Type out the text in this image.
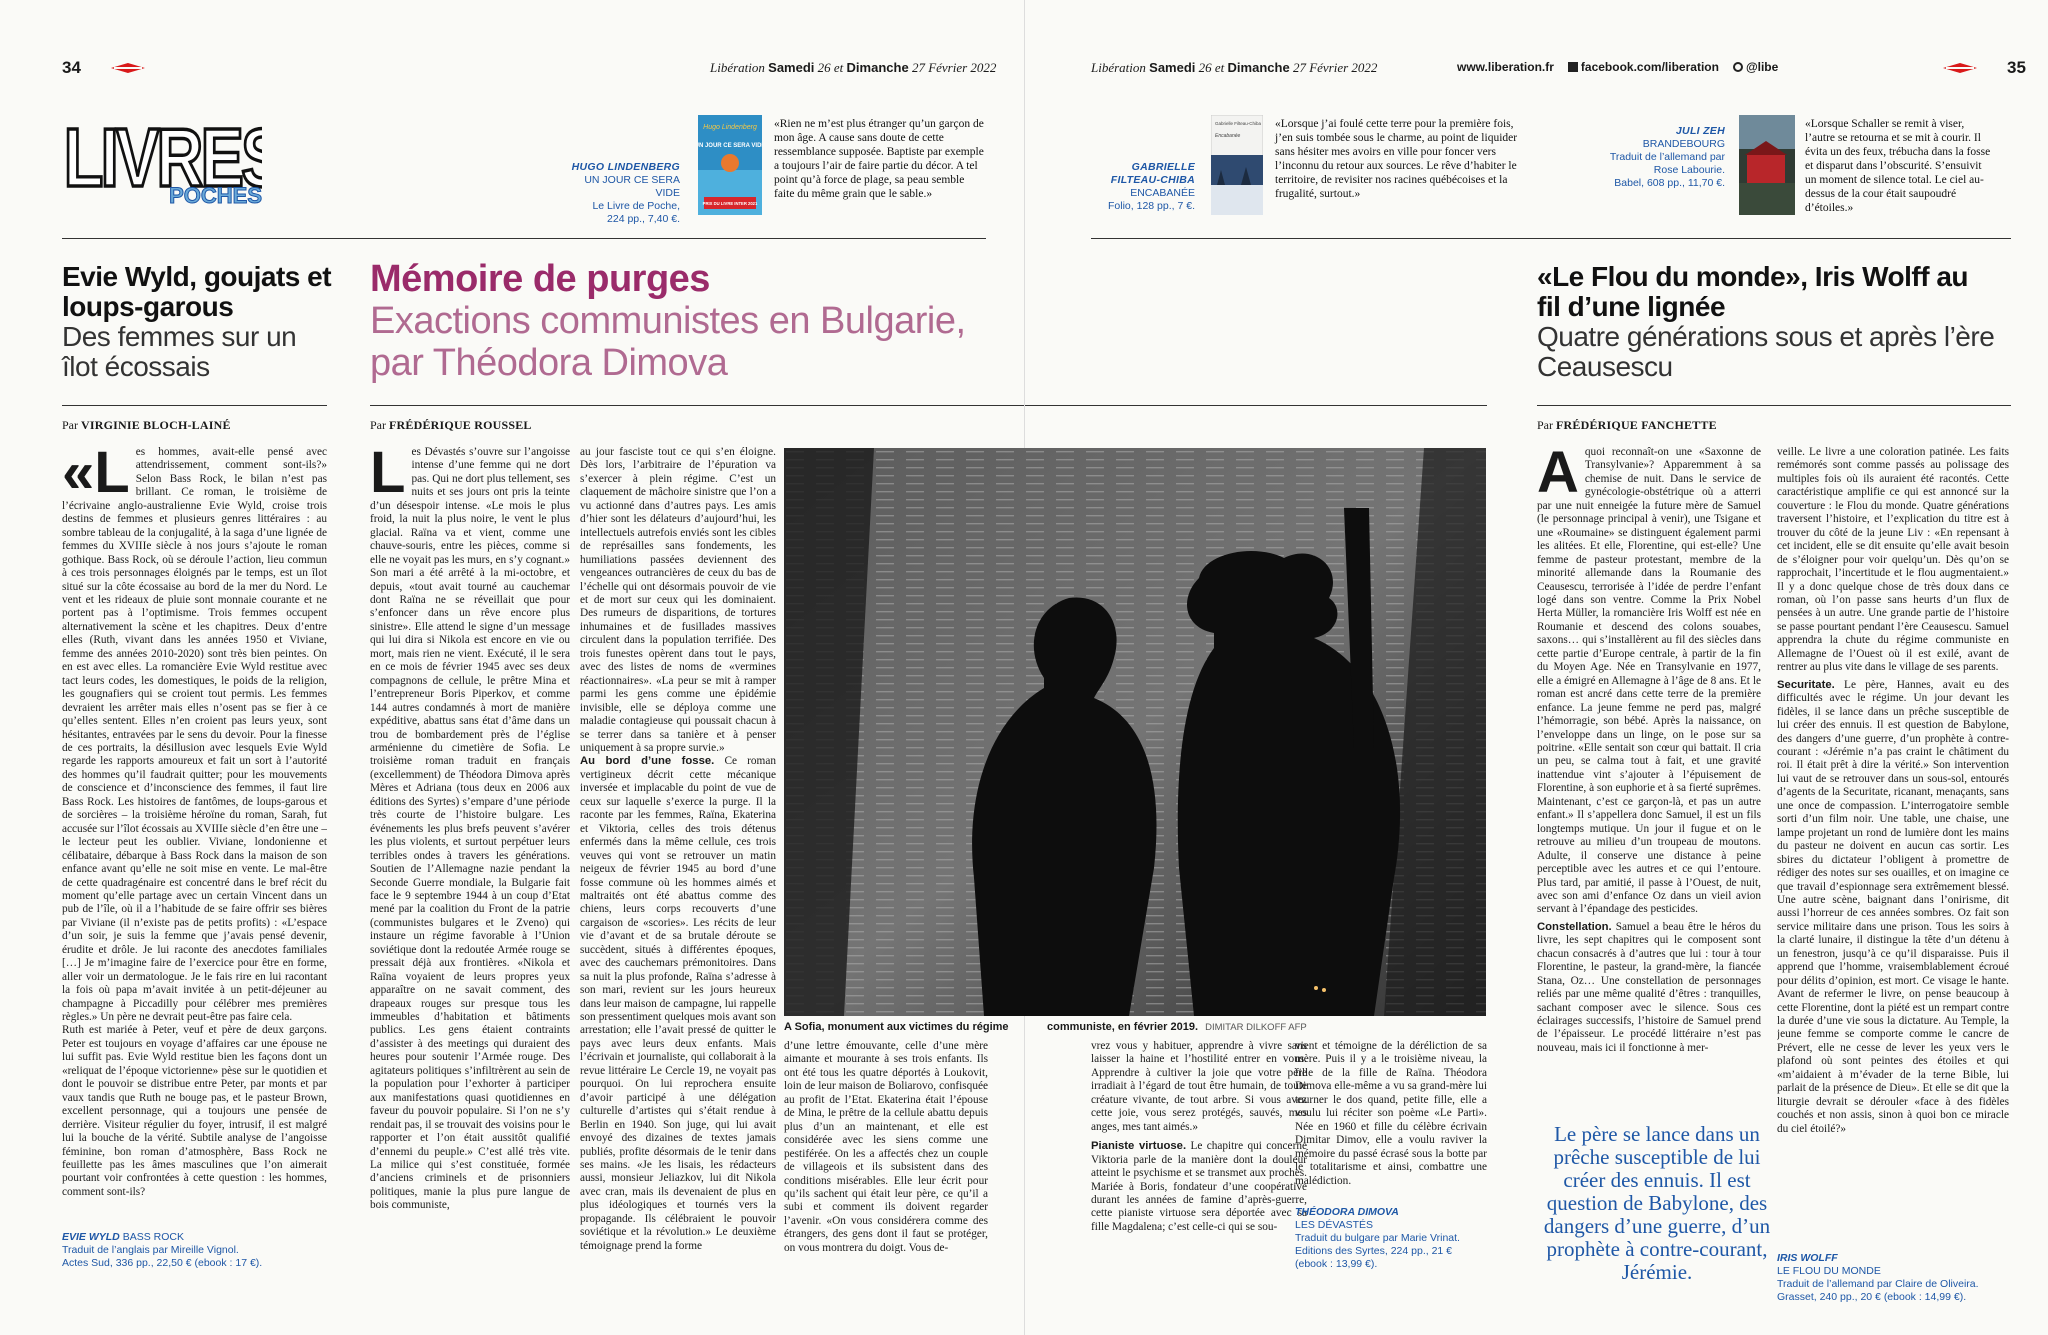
34	Libération Samedi 26 et Dimanche 27 Février 2022
LIVRE
POCHES
HUGO LINDENBERG
UN JOUR CE SERA VIDE
Le Livre de Poche,
224 pp., 7,40 €.
Hugo Lindenberg
UN JOUR CE SERA VIDE
PRIX DU LIVRE INTER 2021
«Rien ne m’est plus étranger qu’un garçon de mon âge. A cause sans doute de cette ressemblance supposée. Baptiste par exemple a toujours l’air de faire partie du décor. A tel point qu’à force de plage, sa peau semble faite du même grain que le sable.»
Evie Wyld, goujats et loups-garous
Des femmes sur un îlot écossais
Par VIRGINIE BLOCH-LAINÉ
«L es hommes, avait-elle pensé avec attendrissement, comment sont-ils?» Selon Bass Rock, le bilan n’est pas brillant. Ce roman, le troisième de l’écrivaine anglo-australienne Evie Wyld, croise trois destins de femmes et plusieurs genres littéraires : au sombre tableau de la conjugalité, à la saga d’une lignée de femmes du XVIIIe siècle à nos jours s’ajoute le roman gothique. Bass Rock, où se déroule l’action, lieu commun à ces trois personnages éloignés par le temps, est un îlot situé sur la côte écossaise au bord de la mer du Nord. Le vent et les rideaux de pluie sont monnaie courante et ne portent pas à l’optimisme. Trois femmes occupent alternativement la scène et les chapitres. Deux d’entre elles (Ruth, vivant dans les années 1950 et Viviane, femme des années 2010-2020) sont très bien peintes. On en est avec elles. La romancière Evie Wyld restitue avec tact leurs codes, les domestiques, le poids de la religion, les gougnafiers qui se croient tout permis. Les femmes devraient les arrêter mais elles n’osent pas se fier à ce qu’elles sentent. Elles n’en croient pas leurs yeux, sont hésitantes, entravées par le sens du devoir. Pour la finesse de ces portraits, la désillusion avec lesquels Evie Wyld regarde les rapports amoureux et fait un sort à l’autorité des hommes qu’il faudrait quitter; pour les mouvements de conscience et d’inconscience des femmes, il faut lire Bass Rock. Les histoires de fantômes, de loups-garous et de sorcières – la troisième héroïne du roman, Sarah, fut accusée sur l’îlot écossais au XVIIIe siècle d’en être une – le lecteur peut les oublier. Viviane, londonienne et célibataire, débarque à Bass Rock dans la maison de son enfance avant qu’elle ne soit mise en vente. Le mal-être de cette quadragénaire est concentré dans le bref récit du moment qu’elle partage avec un certain Vincent dans un pub de l’île, où il a l’habitude de se faire offrir ses bières par Viviane (il n’existe pas de petits profits) : «L’espace d’un soir, je suis la femme que j’avais pensé devenir, érudite et drôle. Je lui raconte des anecdotes familiales […] Je m’imagine faire de l’exercice pour être en forme, aller voir un dermatologue. Je le fais rire en lui racontant la fois où papa m’avait invitée à un petit-déjeuner au champagne à Piccadilly pour célébrer mes premières règles.» Un père ne devrait peut-être pas faire cela.

Ruth est mariée à Peter, veuf et père de deux garçons. Peter est toujours en voyage d’affaires car une épouse ne lui suffit pas. Evie Wyld restitue bien les façons dont un «reliquat de l’époque victorienne» pèse sur le quotidien et dont le pouvoir se distribue entre Peter, par monts et par vaux tandis que Ruth ne bouge pas, et le pasteur Brown, excellent personnage, qui a toujours une pensée de derrière. Visiteur régulier du foyer, intrusif, il est malgré lui la bouche de la vérité. Subtile analyse de l’angoisse féminine, bon roman d’atmosphère, Bass Rock ne feuillette pas les âmes masculines que l’on aimerait pourtant voir confrontées à cette question : les hommes, comment sont-ils?

EVIE WYLD BASS ROCK
Traduit de l’anglais par Mireille Vignol.
Actes Sud, 336 pp., 22,50 € (ebook : 17 €).
Mémoire de purges
Exactions communistes en Bulgarie, par Théodora Dimova
Par FRÉDÉRIQUE ROUSSEL
L es Dévastés s’ouvre sur l’angoisse intense d’une femme qui ne dort pas. Qui ne dort plus tellement, ses nuits et ses jours ont pris la teinte d’un désespoir intense. «Le mois le plus froid, la nuit la plus noire, le vent le plus glacial. Raïna va et vient, comme une chauve-souris, entre les pièces, comme si elle ne voyait pas les murs, en s’y cognant.» Son mari a été arrêté à la mi-octobre, et depuis, «tout avait tourné au cauchemar dont Raïna ne se réveillait que pour s’enfoncer dans un rêve encore plus sinistre». Elle attend le signe d’un message qui lui dira si Nikola est encore en vie ou mort, mais rien ne vient. Exécuté, il le sera en ce mois de février 1945 avec ses deux compagnons de cellule, le prêtre Mina et l’entrepreneur Boris Piperkov, et comme 144 autres condamnés à mort de manière expéditive, abattus sans état d’âme dans un trou de bombardement près de l’église arménienne du cimetière de Sofia. Le troisième roman traduit en français (excellemment) de Théodora Dimova après Mères et Adriana (tous deux en 2006 aux éditions des Syrtes) s’empare d’une période très courte de l’histoire bulgare. Les événements les plus brefs peuvent s’avérer les plus violents, et surtout perpétuer leurs terribles ondes à travers les générations. Soutien de l’Allemagne nazie pendant la Seconde Guerre mondiale, la Bulgarie fait face le 9 septembre 1944 à un coup d’Etat mené par la coalition du Front de la patrie (communistes bulgares et le Zveno) qui instaure un régime favorable à l’Union soviétique dont la redoutée Armée rouge se pressait déjà aux frontières. «Nikola et Raïna voyaient de leurs propres yeux apparaître on ne savait comment, des drapeaux rouges sur presque tous les immeubles d’habitation et bâtiments publics. Les gens étaient contraints d’assister à des meetings qui duraient des heures pour soutenir l’Armée rouge. Des agitateurs politiques s’infiltrèrent au sein de la population pour l’exhorter à participer aux manifestations quasi quotidiennes en faveur du pouvoir populaire. Si l’on ne s’y rendait pas, il se trouvait des voisins pour le rapporter et l’on était aussitôt qualifié d’ennemi du peuple.» C’est allé très vite. La milice qui s’est constituée, formée d’anciens criminels et de prisonniers politiques, manie la plus pure langue de bois communiste,

au jour fasciste tout ce qui s’en éloigne. Dès lors, l’arbitraire de l’épuration va s’exercer à plein régime. C’est un claquement de mâchoire sinistre que l’on a vu actionné dans d’autres pays. Les amis d’hier sont les délateurs d’aujourd’hui, les intellectuels autrefois enviés sont les cibles de représailles sans fondements, les humiliations passées deviennent des vengeances outrancières de ceux du bas de l’échelle qui ont désormais pouvoir de vie et de mort sur ceux qui les dominaient. Des rumeurs de disparitions, de tortures inhumaines et de fusillades massives circulent dans la population terrifiée. Des trois funestes opèrent dans tout le pays, avec des listes de noms de «vermines réactionnaires». «La peur se mit à ramper parmi les gens comme une épidémie invisible, elle se déploya comme une maladie contagieuse qui poussait chacun à se terrer dans sa tanière et à penser uniquement à sa propre survie.»

Au bord d’une fosse. Ce roman vertigineux décrit cette mécanique inversée et implacable du point de vue de ceux sur laquelle s’exerce la purge. Il la raconte par les femmes, Raïna, Ekaterina et Viktoria, celles des trois détenus enfermés dans la même cellule, ces trois veuves qui vont se retrouver un matin neigeux de février 1945 au bord d’une fosse commune où les hommes aimés et maltraités ont été abattus comme des chiens, leurs corps recouverts d’une cargaison de «scories». Les récits de leur vie d’avant et de sa brutale déroute se succèdent, situés à différentes époques, avec des cauchemars prémonitoires. Dans sa nuit la plus profonde, Raïna s’adresse à son mari, revient sur les jours heureux dans leur maison de campagne, lui rappelle son pressentiment quelques mois avant son arrestation; elle l’avait pressé de quitter le pays avec leurs deux enfants. Mais l’écrivain et journaliste, qui collaborait à la revue littéraire Le Cercle 19, ne voyait pas pourquoi. On lui reprochera ensuite d’avoir participé à une délégation culturelle d’artistes qui s’était rendue à Berlin en 1940. Son juge, qui lui avait envoyé des dizaines de textes jamais publiés, profite désormais de le tenir dans ses mains. «Je les lisais, les rédacteurs aussi, monsieur Jeliazkov, lui dit Nikola avec cran, mais ils devenaient de plus en plus idéologiques et tournés vers la propagande. Ils célébraient le pouvoir soviétique et la révolution.» Le deuxième témoignage prend la forme

d’une lettre émouvante, celle d’une mère aimante et mourante à ses trois enfants. Ils ont été tous les quatre déportés à Loukovit, loin de leur maison de Boliarovo, confisquée au profit de l’Etat. Ekaterina était l’épouse de Mina, le prêtre de la cellule abattu depuis plus d’un an maintenant, et elle est considérée avec les siens comme une pestiférée. On les a affectés chez un couple de villageois et ils subsistent dans des conditions misérables. Elle leur écrit pour qu’ils sachent qui était leur père, ce qu’il a subi et comment ils doivent regarder l’avenir. «On vous considérera comme des étrangers, des gens dont il faut se protéger, on vous montrera du doigt. Vous de-

A Sofia, monument aux victimes du régime
Libération Samedi 26 et Dimanche 27 Février 2022	www.liberation.fr	facebook.com/liberation	@libe	35
GABRIELLE FILTEAU-CHIBA
ENCABANÉE
Folio, 128 pp., 7 €.
Gabrielle Filteau-Chiba
Encabanée
«Lorsque j’ai foulé cette terre pour la première fois, j’en suis tombée sous le charme, au point de liquider sans hésiter mes avoirs en ville pour foncer vers l’inconnu du retour aux sources. Le rêve d’habiter le territoire, de revisiter nos racines québécoises et la frugalité, surtout.»
JULI ZEH
BRANDEBOURG
Traduit de l’allemand par Rose Labourie.
Babel, 608 pp., 11,70 €.
«Lorsque Schaller se remit à viser, l’autre se retourna et se mit à courir. Il évita un des feux, trébucha dans la fosse et disparut dans l’obscurité. S’ensuivit un moment de silence total. Le ciel au-dessus de la cour était saupoudré d’étoiles.»

vrez vous y habituer, apprendre à vivre sans laisser la haine et l’hostilité entrer en vous. Apprendre à cultiver la joie que votre père irradiait à l’égard de tout être humain, de toute créature vivante, de tout arbre. Si vous avez cette joie, vous serez protégés, sauvés, mes anges, mes tant aimés.»

Pianiste virtuose. Le chapitre qui concerne Viktoria parle de la manière dont la douleur atteint le psychisme et se transmet aux proches. Mariée à Boris, fondateur d’une coopérative durant les années de famine d’après-guerre, cette pianiste virtuose sera déportée avec sa fille Magdalena; c’est celle-ci qui se sou-

vient et témoigne de la déréliction de sa mère. Puis il y a le troisième niveau, la fille de la fille de Raïna. Théodora Dimova elle-même a vu sa grand-mère lui tourner le dos quand, petite fille, elle a voulu lui réciter son poème «Le Parti». Née en 1960 et fille du célèbre écrivain Dimitar Dimov, elle a voulu raviver la mémoire du passé écrasé sous la botte par le totalitarisme et ainsi, combattre une malédiction.

THÉODORA DIMOVA
LES DÉVASTÉS
Traduit du bulgare par Marie Vrinat.
Editions des Syrtes, 224 pp., 21 € (ebook : 13,99 €).
communiste, en février 2019. DIMITAR DILKOFF AFP
«Le Flou du monde», Iris Wolff au fil d’une lignée
Quatre générations sous et après l’ère Ceausescu
Par FRÉDÉRIQUE FANCHETTE
A quoi reconnaît-on une «Saxonne de Transylvanie»? Apparemment à sa chemise de nuit. Dans le service de gynécologie-obstétrique où a atterri par une nuit enneigée la future mère de Samuel (le personnage principal à venir), une Tsigane et une «Roumaine» se distinguent également parmi les alitées. Et elle, Florentine, qui est-elle? Une femme de pasteur protestant, membre de la minorité allemande dans la Roumanie des Ceausescu, terrorisée à l’idée de perdre l’enfant logé dans son ventre. Comme la Prix Nobel Herta Müller, la romancière Iris Wolff est née en Roumanie et descend des colons souabes, saxons… qui s’installèrent au fil des siècles dans cette partie d’Europe centrale, à partir de la fin du Moyen Age. Née en Transylvanie en 1977, elle a émigré en Allemagne à l’âge de 8 ans. Et le roman est ancré dans cette terre de la première enfance. La jeune femme ne perd pas, malgré l’hémorragie, son bébé. Après la naissance, on l’enveloppe dans un linge, on le pose sur sa poitrine. «Elle sentait son cœur qui battait. Il cria un peu, se calma tout à fait, et une gravité inattendue vint s’ajouter à l’épuisement de Florentine, à son euphorie et à sa fierté suprêmes. Maintenant, c’est ce garçon-là, et pas un autre enfant.» Il s’appellera donc Samuel, il est un fils longtemps mutique. Un jour il fugue et on le retrouve au milieu d’un troupeau de moutons. Adulte, il conserve une distance à peine perceptible avec les autres et ce qui l’entoure. Plus tard, par amitié, il passe à l’Ouest, de nuit, avec son ami d’enfance Oz dans un vieil avion servant à l’épandage des pesticides.

Constellation. Samuel a beau être le héros du livre, les sept chapitres qui le composent sont chacun consacrés à d’autres que lui : tour à tour Florentine, le pasteur, la grand-mère, la fiancée Stana, Oz… Une constellation de personnages reliés par une même qualité d’êtres : tranquilles, sachant composer avec le silence. Sous ces éclairages successifs, l’histoire de Samuel prend de l’épaisseur. Le procédé littéraire n’est pas nouveau, mais ici il fonctionne à mer-

veille. Le livre a une coloration patinée. Les faits remémorés sont comme passés au polissage des multiples fois où ils auraient été racontés. Cette caractéristique amplifie ce qui est annoncé sur la couverture : le Flou du monde. Quatre générations traversent l’histoire, et l’explication du titre est à trouver du côté de la jeune Liv : «En repensant à cet incident, elle se dit ensuite qu’elle avait besoin de s’éloigner pour voir quelqu’un. Dès qu’on se rapprochait, l’incertitude et le flou augmentaient.» Il y a donc quelque chose de très doux dans ce roman, où l’on passe sans heurts d’un flux de pensées à un autre. Une grande partie de l’histoire se passe pourtant pendant l’ère Ceausescu. Samuel apprendra la chute du régime communiste en Allemagne de l’Ouest où il est exilé, avant de rentrer au plus vite dans le village de ses parents.

Securitate. Le père, Hannes, avait eu des difficultés avec le régime. Un jour devant les fidèles, il se lance dans un prêche susceptible de lui créer des ennuis. Il est question de Babylone, des dangers d’une guerre, d’un prophète à contre-courant : «Jérémie n’a pas craint le châtiment du roi. Il était prêt à dire la vérité.» Son intervention lui vaut de se retrouver dans un sous-sol, entourés d’agents de la Securitate, ricanant, menaçants, sans une once de compassion. L’interrogatoire semble sorti d’un film noir. Une table, une chaise, une lampe projetant un rond de lumière dont les mains du pasteur ne doivent en aucun cas sortir. Les sbires du dictateur l’obligent à promettre de rédiger des notes sur ses ouailles, et on imagine ce que travail d’espionnage sera extrêmement blessé. Une autre scène, baignant dans l’onirisme, dit aussi l’horreur de ces années sombres. Oz fait son service militaire dans une prison. Tous les soirs à la clarté lunaire, il distingue la tête d’un détenu à un fenestron, jusqu’à ce qu’il disparaisse. Puis il apprend que l’homme, vraisemblablement écroué pour délits d’opinion, est mort. Ce visage le hante. Avant de refermer le livre, on pense beaucoup à cette Florentine, dont la piété est un rempart contre la durée d’une vie sous la dictature. Au Temple, la jeune femme se comporte comme le cancre de Prévert, elle ne cesse de lever les yeux vers le plafond où sont peintes des étoiles et qui «m’aidaient à m’évader de la terne Bible, lui parlait de la présence de Dieu». Et elle se dit que la liturgie devrait se dérouler «face à des fidèles couchés et non assis, sinon à quoi bon ce miracle du ciel étoilé?»

IRIS WOLFF
LE FLOU DU MONDE
Traduit de l’allemand par Claire de Oliveira.
Grasset, 240 pp., 20 € (ebook : 14,99 €).
Le père se lance dans un prêche susceptible de lui créer des ennuis. Il est question de Babylone, des dangers d’une guerre, d’un prophète à contre-courant, Jérémie.
